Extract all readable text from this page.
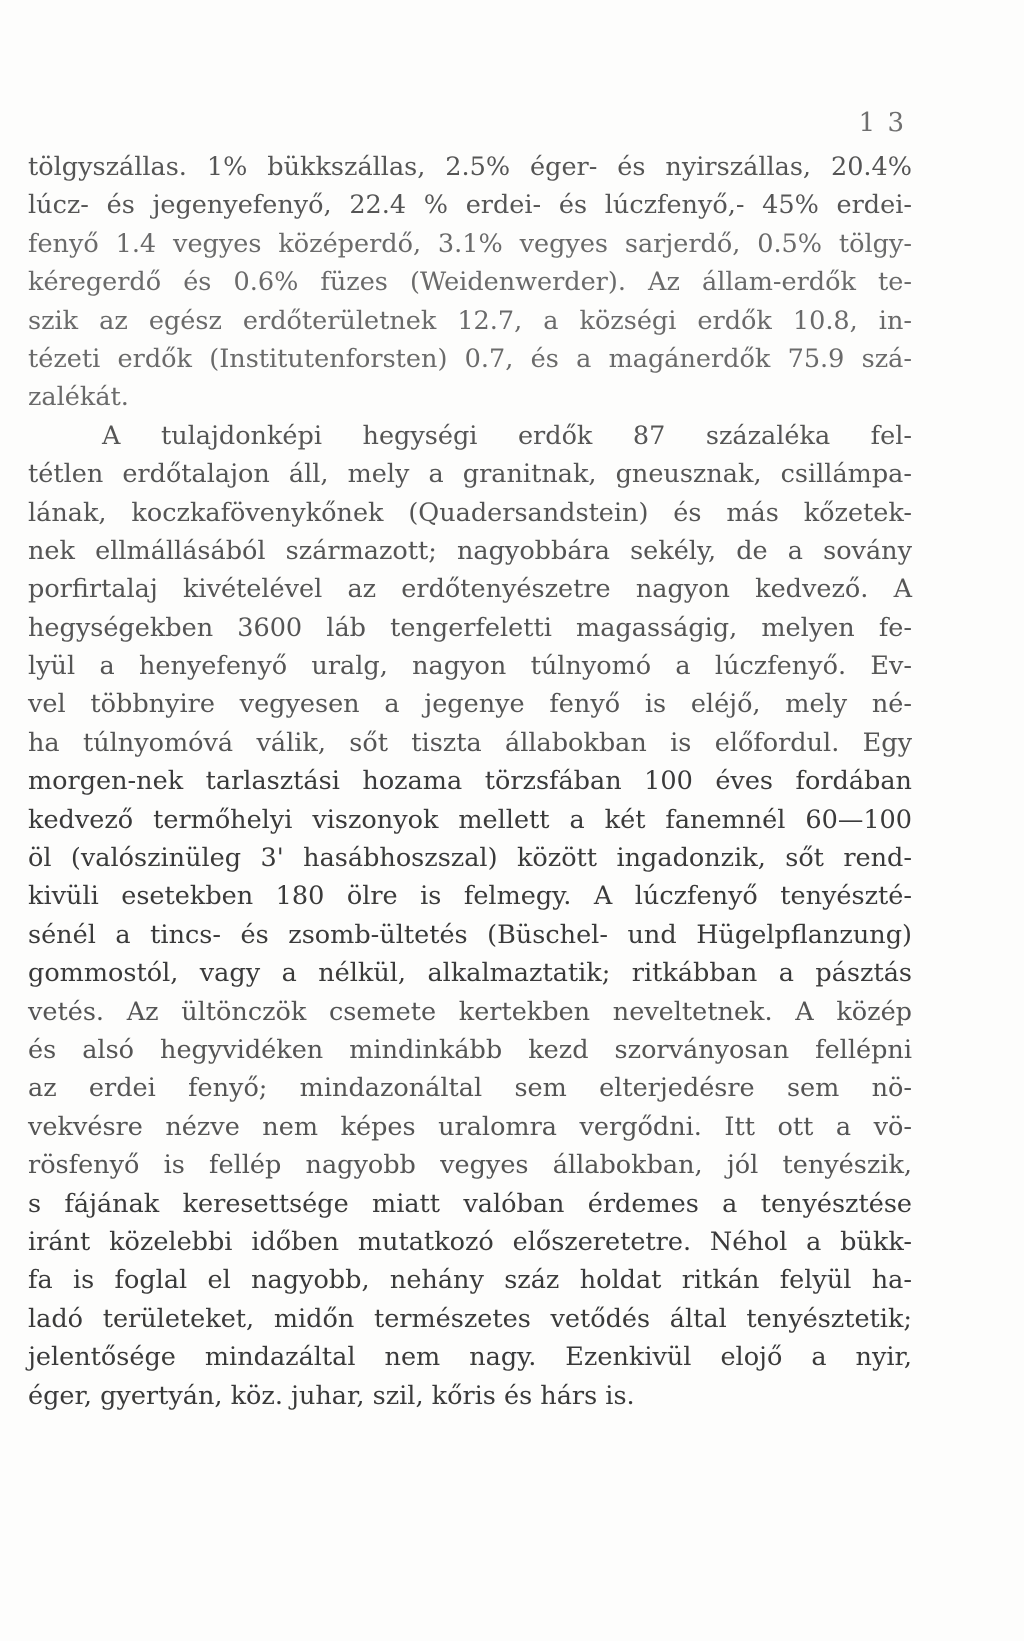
1 3
tölgyszállas. 1% bükkszállas, 2.5% éger- és nyirszállas, 20.4%
lúcz- és jegenyefenyő, 22.4 % erdei- és lúczfenyő,- 45% erdei-
fenyő 1.4 vegyes középerdő, 3.1% vegyes sarjerdő, 0.5% tölgy-
kéregerdő és 0.6% füzes (Weidenwerder). Az állam-erdők te-
szik az egész erdőterületnek 12.7, a községi erdők 10.8, in-
tézeti erdők (Institutenforsten) 0.7, és a magánerdők 75.9 szá-
zalékát.
A tulajdonképi hegységi erdők 87 százaléka fel-
tétlen erdőtalajon áll, mely a granitnak, gneusznak, csillámpa-
lának, koczkafövenykőnek (Quadersandstein) és más kőzetek-
nek ellmállásából származott; nagyobbára sekély, de a sovány
porfirtalaj kivételével az erdőtenyészetre nagyon kedvező. A
hegységekben 3600 láb tengerfeletti magasságig, melyen fe-
lyül a henyefenyő uralg, nagyon túlnyomó a lúczfenyő. Ev-
vel többnyire vegyesen a jegenye fenyő is eléjő, mely né-
ha túlnyomóvá válik, sőt tiszta állabokban is előfordul. Egy
morgen-nek tarlasztási hozama törzsfában 100 éves fordában
kedvező termőhelyi viszonyok mellett a két fanemnél 60—100
öl (valószinüleg 3' hasábhoszszal) között ingadonzik, sőt rend-
kivüli esetekben 180 ölre is felmegy. A lúczfenyő tenyészté-
sénél a tincs- és zsomb-ültetés (Büschel- und Hügelpflanzung)
gommostól, vagy a nélkül, alkalmaztatik; ritkábban a pásztás
vetés. Az ültönczök csemete kertekben neveltetnek. A közép
és alsó hegyvidéken mindinkább kezd szorványosan fellépni
az erdei fenyő; mindazonáltal sem elterjedésre sem nö-
vekvésre nézve nem képes uralomra vergődni. Itt ott a vö-
rösfenyő is fellép nagyobb vegyes állabokban, jól tenyészik,
s fájának keresettsége miatt valóban érdemes a tenyésztése
iránt közelebbi időben mutatkozó előszeretetre. Néhol a bükk-
fa is foglal el nagyobb, nehány száz holdat ritkán felyül ha-
ladó területeket, midőn természetes vetődés által tenyésztetik;
jelentősége mindazáltal nem nagy. Ezenkivül elojő a nyir,
éger, gyertyán, köz. juhar, szil, kőris és hárs is.
